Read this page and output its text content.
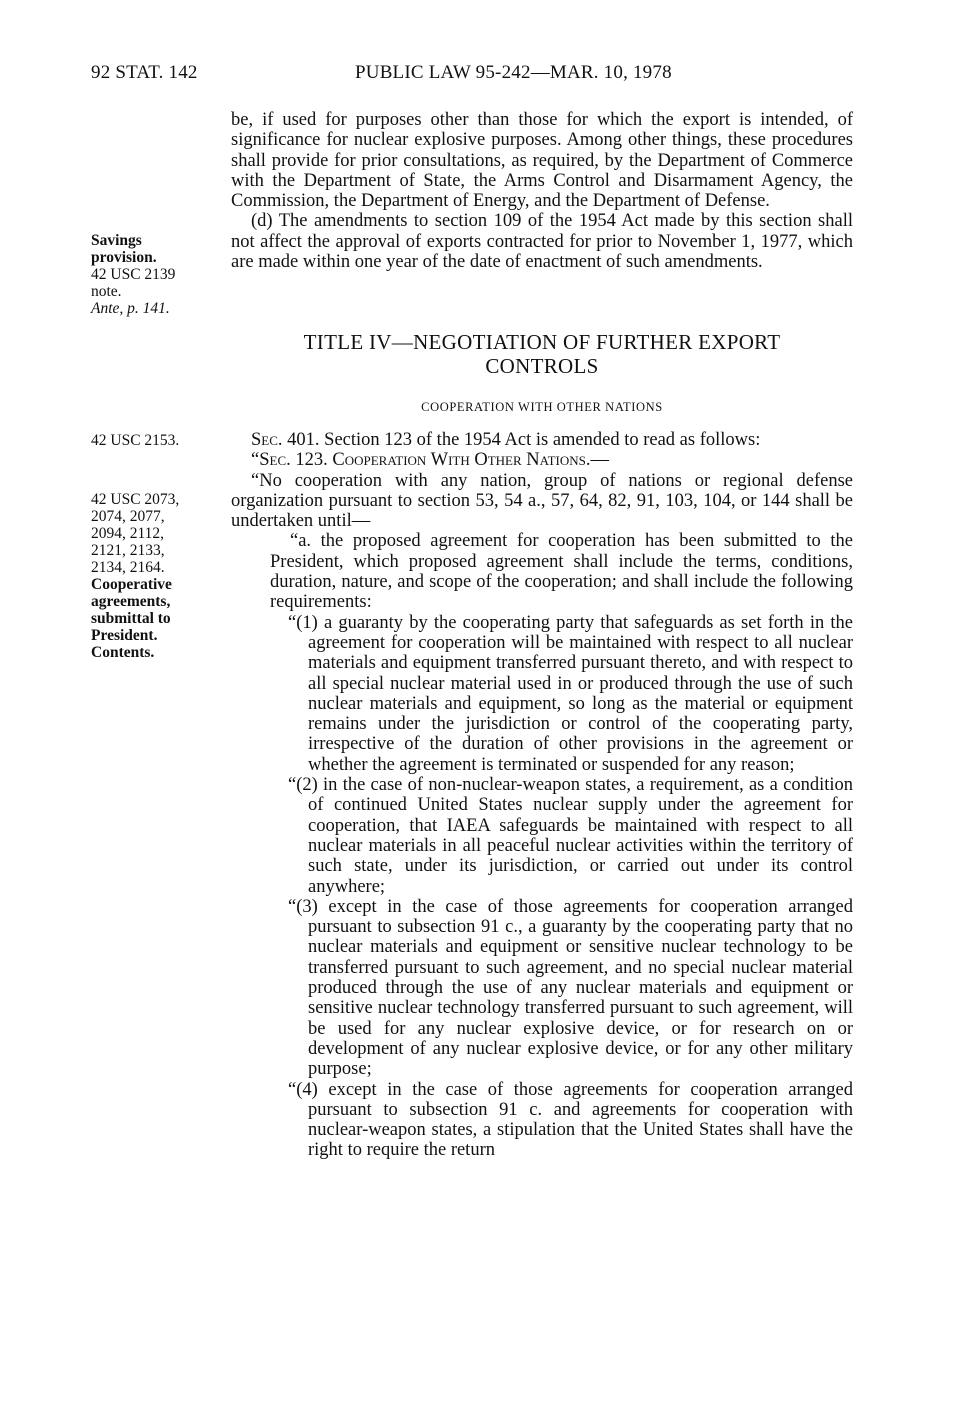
92 STAT. 142	PUBLIC LAW 95-242—MAR. 10, 1978
Savings
provision.
42 USC 2139
note.
Ante, p. 141.
42 USC 2153.
42 USC 2073,
2074, 2077,
2094, 2112,
2121, 2133,
2134, 2164.
Cooperative
agreements,
submittal to
President.
Contents.

be, if used for purposes other than those for which the export is intended, of significance for nuclear explosive purposes. Among other things, these procedures shall provide for prior consultations, as required, by the Department of Commerce with the Department of State, the Arms Control and Disarmament Agency, the Commission, the Department of Energy, and the Department of Defense.

(d) The amendments to section 109 of the 1954 Act made by this section shall not affect the approval of exports contracted for prior to November 1, 1977, which are made within one year of the date of enactment of such amendments.

TITLE IV—NEGOTIATION OF FURTHER EXPORT
CONTROLS
COOPERATION WITH OTHER NATIONS

Sec. 401. Section 123 of the 1954 Act is amended to read as follows:

“Sec. 123. Cooperation With Other Nations.—

“No cooperation with any nation, group of nations or regional defense organization pursuant to section 53, 54 a., 57, 64, 82, 91, 103, 104, or 144 shall be undertaken until—

“a. the proposed agreement for cooperation has been submitted to the President, which proposed agreement shall include the terms, conditions, duration, nature, and scope of the cooperation; and shall include the following requirements:

“(1) a guaranty by the cooperating party that safeguards as set forth in the agreement for cooperation will be maintained with respect to all nuclear materials and equipment transferred pursuant thereto, and with respect to all special nuclear material used in or produced through the use of such nuclear materials and equipment, so long as the material or equipment remains under the jurisdiction or control of the cooperating party, irrespective of the duration of other provisions in the agreement or whether the agreement is terminated or suspended for any reason;

“(2) in the case of non-nuclear-weapon states, a requirement, as a condition of continued United States nuclear supply under the agreement for cooperation, that IAEA safeguards be maintained with respect to all nuclear materials in all peaceful nuclear activities within the territory of such state, under its jurisdiction, or carried out under its control anywhere;

“(3) except in the case of those agreements for cooperation arranged pursuant to subsection 91 c., a guaranty by the cooperating party that no nuclear materials and equipment or sensitive nuclear technology to be transferred pursuant to such agreement, and no special nuclear material produced through the use of any nuclear materials and equipment or sensitive nuclear technology transferred pursuant to such agreement, will be used for any nuclear explosive device, or for research on or development of any nuclear explosive device, or for any other military purpose;

“(4) except in the case of those agreements for cooperation arranged pursuant to subsection 91 c. and agreements for cooperation with nuclear-weapon states, a stipulation that the United States shall have the right to require the return
